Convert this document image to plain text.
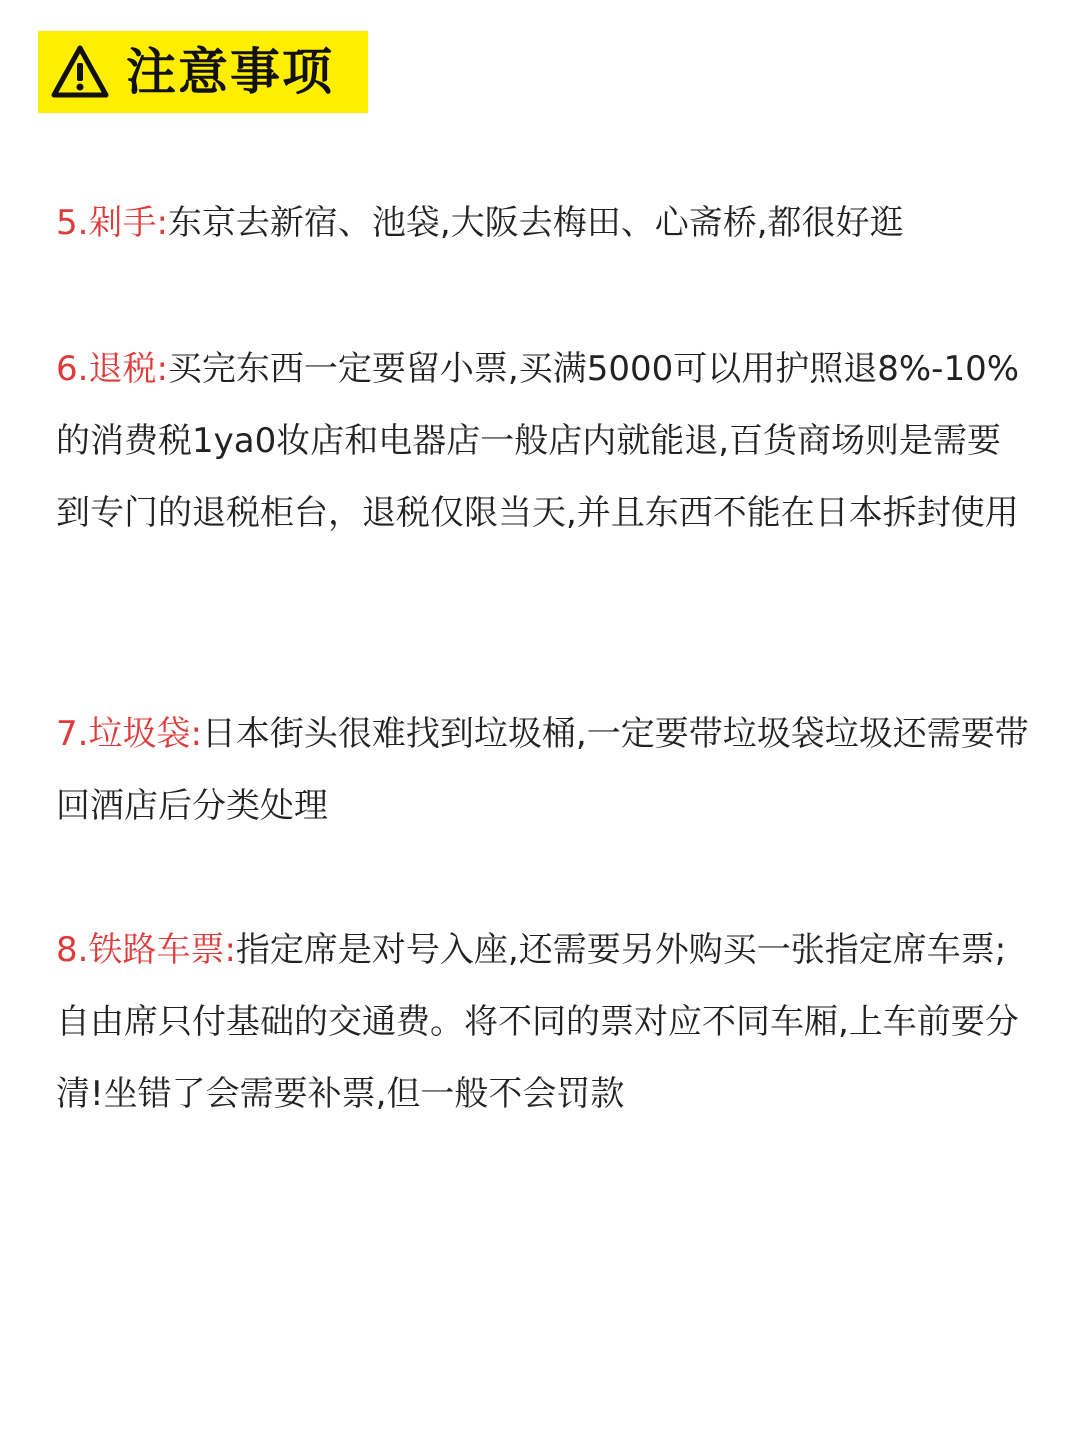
注意事项
5.剁手:东京去新宿、池袋,大阪去梅田、心斋桥,都很好逛
6.退税:买完东西一定要留小票,买满5000可以用护照退8%-10%的消费税1ya0妆店和电器店一般店内就能退,百货商场则是需要到专门的退税柜台，退税仅限当天,并且东西不能在日本拆封使用
7.垃圾袋:日本街头很难找到垃圾桶,一定要带垃圾袋垃圾还需要带回酒店后分类处理
8.铁路车票:指定席是对号入座,还需要另外购买一张指定席车票;自由席只付基础的交通费。将不同的票对应不同车厢,上车前要分清!坐错了会需要补票,但一般不会罚款
